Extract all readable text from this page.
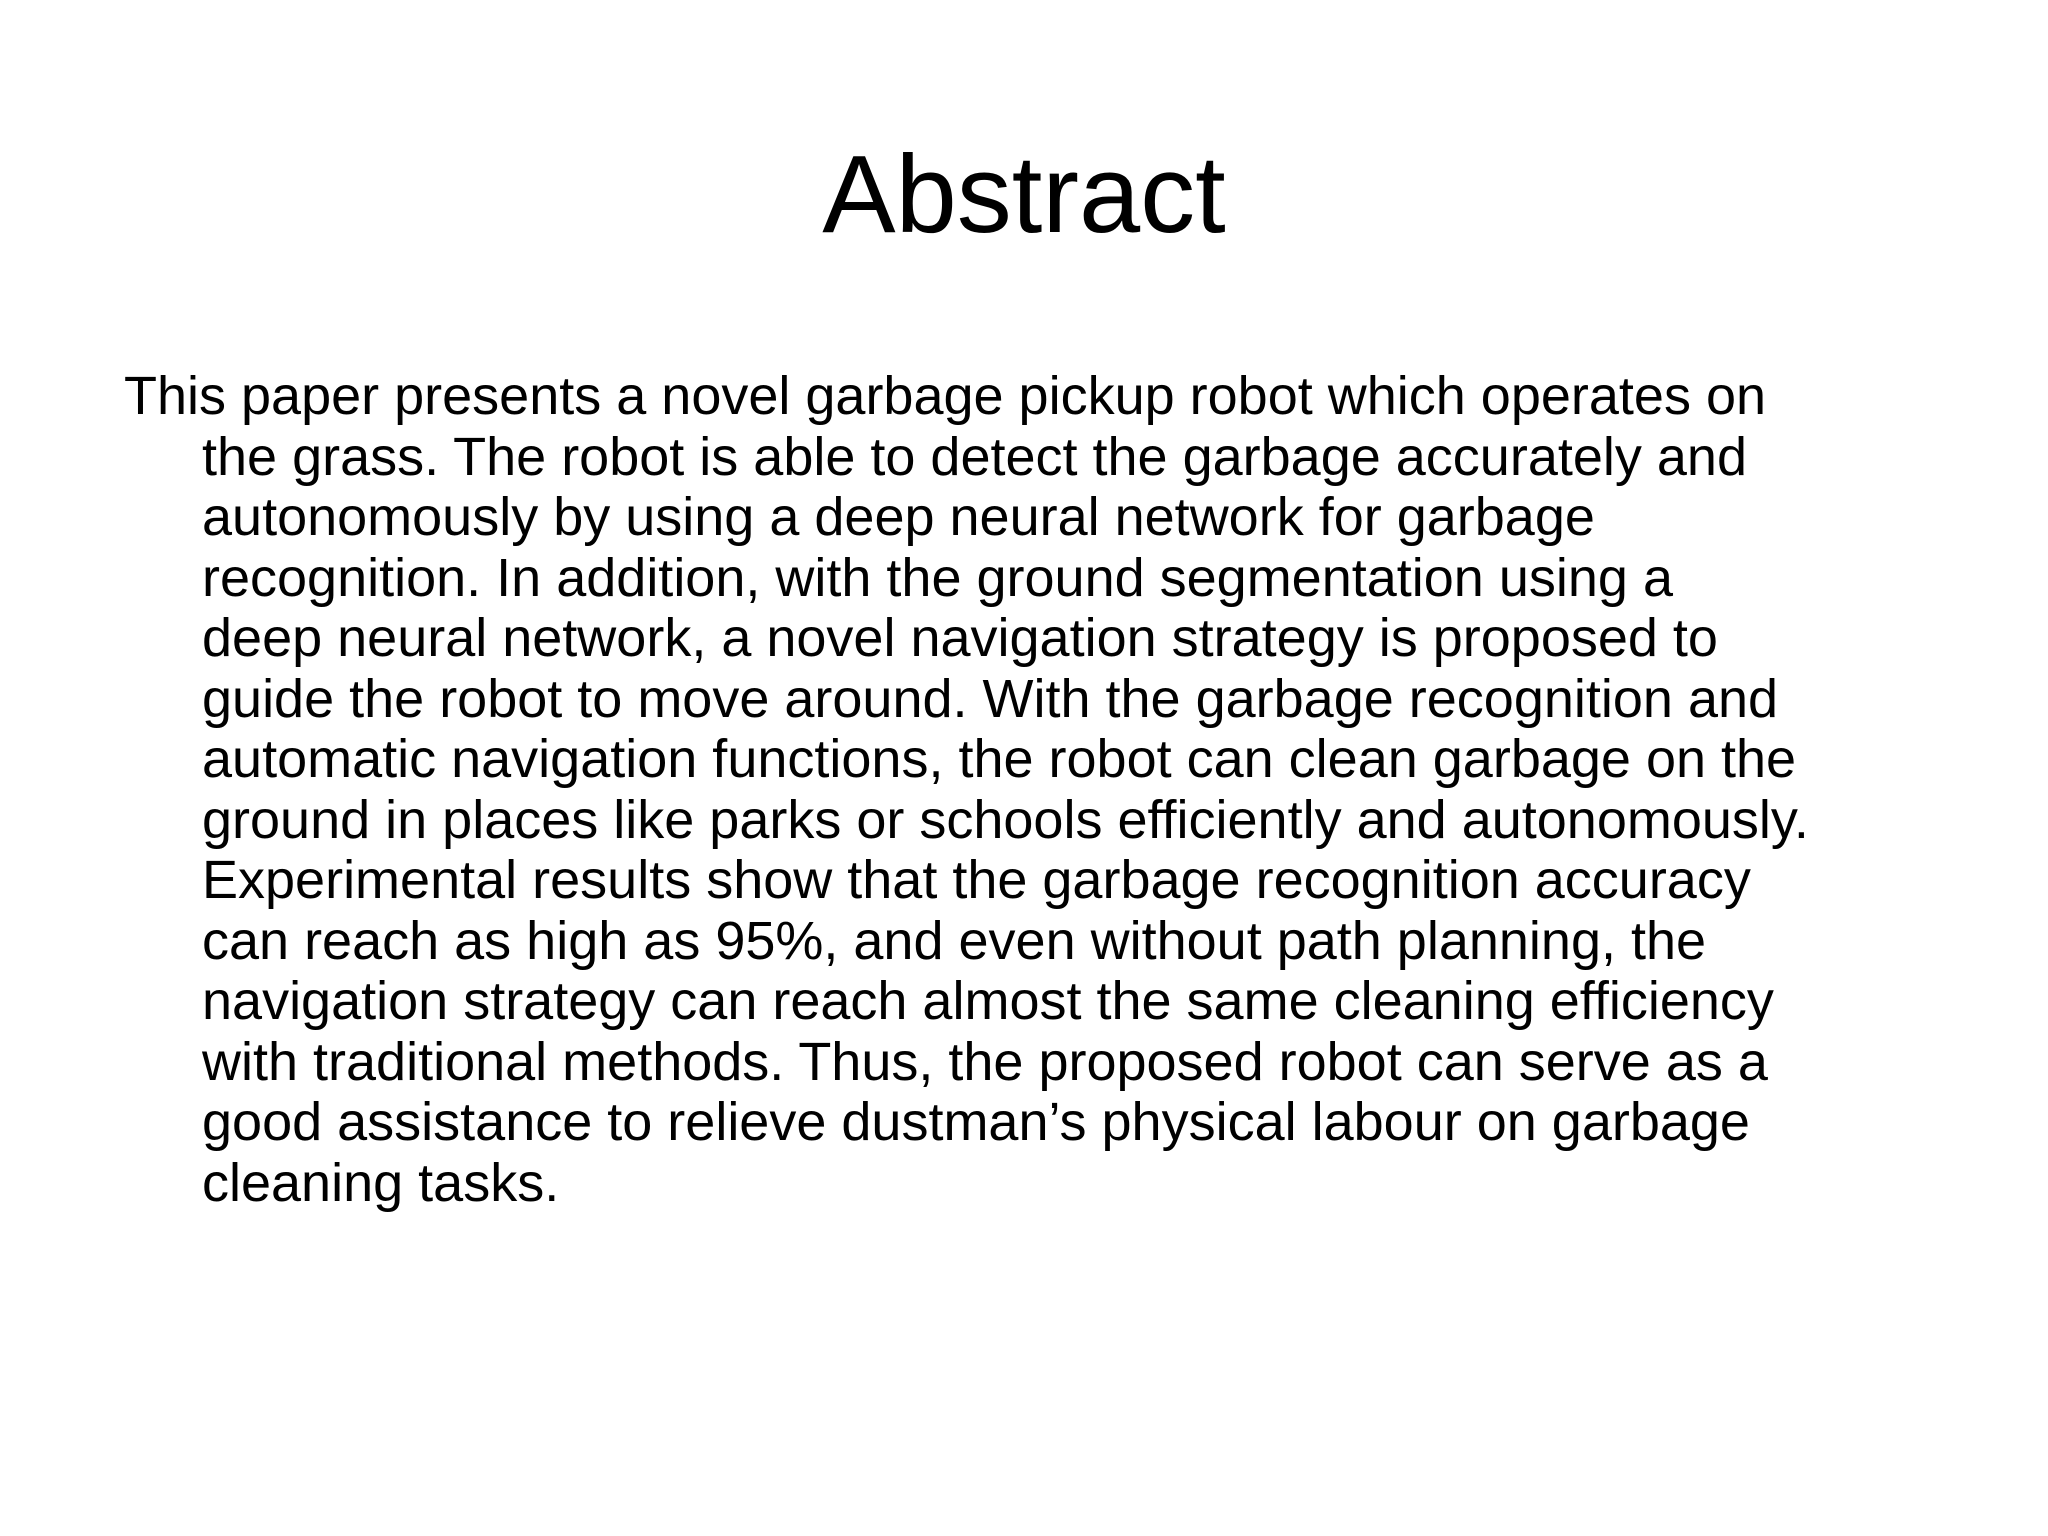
Abstract
This paper presents a novel garbage pickup robot which operates on
the grass. The robot is able to detect the garbage accurately and
autonomously by using a deep neural network for garbage
recognition. In addition, with the ground segmentation using a
deep neural network, a novel navigation strategy is proposed to
guide the robot to move around. With the garbage recognition and
automatic navigation functions, the robot can clean garbage on the
ground in places like parks or schools efficiently and autonomously.
Experimental results show that the garbage recognition accuracy
can reach as high as 95%, and even without path planning, the
navigation strategy can reach almost the same cleaning efficiency
with traditional methods. Thus, the proposed robot can serve as a
good assistance to relieve dustman’s physical labour on garbage
cleaning tasks.
